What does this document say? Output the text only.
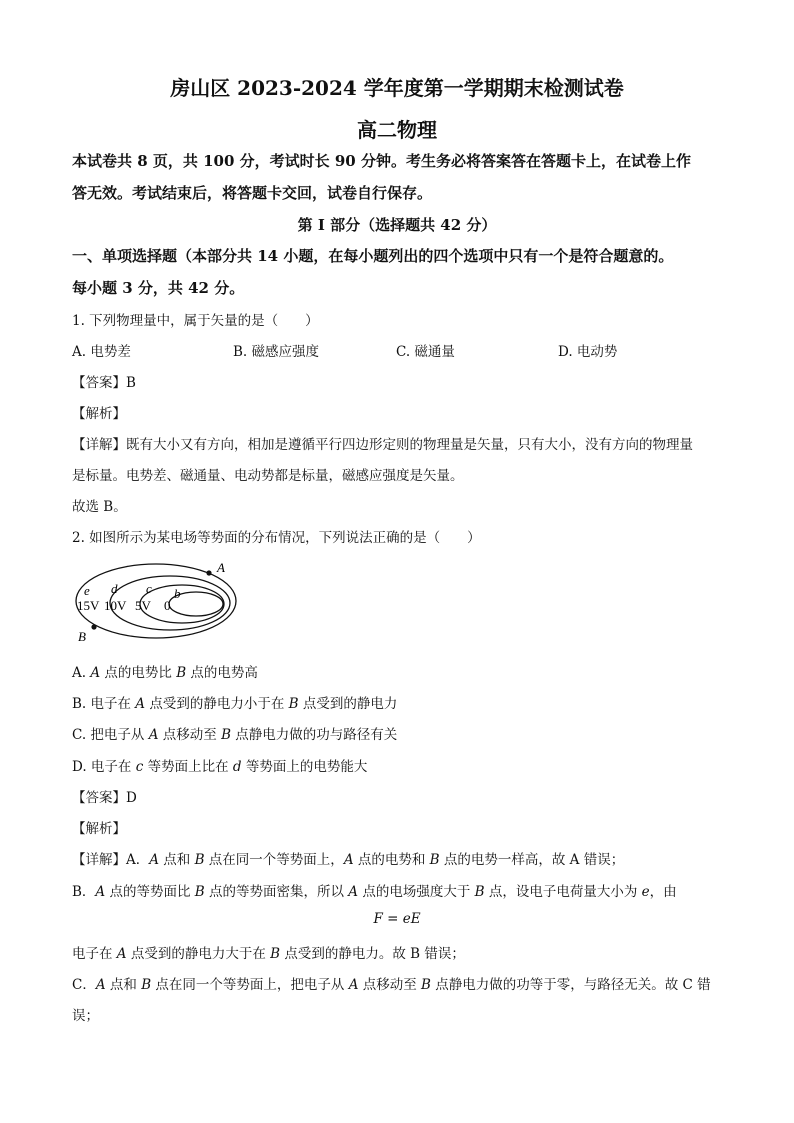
房山区 2023-2024 学年度第一学期期末检测试卷
高二物理
本试卷共 8 页，共 100 分，考试时长 90 分钟。考生务必将答案答在答题卡上，在试卷上作
答无效。考试结束后，将答题卡交回，试卷自行保存。
第 I 部分（选择题共 42 分）
一、单项选择题（本部分共 14 小题，在每小题列出的四个选项中只有一个是符合题意的。
每小题 3 分，共 42 分。
1. 下列物理量中，属于矢量的是（　　）
A. 电势差	B. 磁感应强度	C. 磁通量	D. 电动势
【答案】B
【解析】
【详解】既有大小又有方向，相加是遵循平行四边形定则的物理量是矢量，只有大小，没有方向的物理量
是标量。电势差、磁通量、电动势都是标量，磁感应强度是矢量。
故选 B。
2. 如图所示为某电场等势面的分布情况，下列说法正确的是（　　）
A
B
e d c b
15V 10V 5V 0
A. A 点的电势比 B 点的电势高
B. 电子在 A 点受到的静电力小于在 B 点受到的静电力
C. 把电子从 A 点移动至 B 点静电力做的功与路径有关
D. 电子在 c 等势面上比在 d 等势面上的电势能大
【答案】D
【解析】
【详解】A．A 点和 B 点在同一个等势面上，A 点的电势和 B 点的电势一样高，故 A 错误；
B．A 点的等势面比 B 点的等势面密集，所以 A 点的电场强度大于 B 点，设电子电荷量大小为 e，由
F = eE
电子在 A 点受到的静电力大于在 B 点受到的静电力。故 B 错误；
C．A 点和 B 点在同一个等势面上，把电子从 A 点移动至 B 点静电力做的功等于零，与路径无关。故 C 错
误；
